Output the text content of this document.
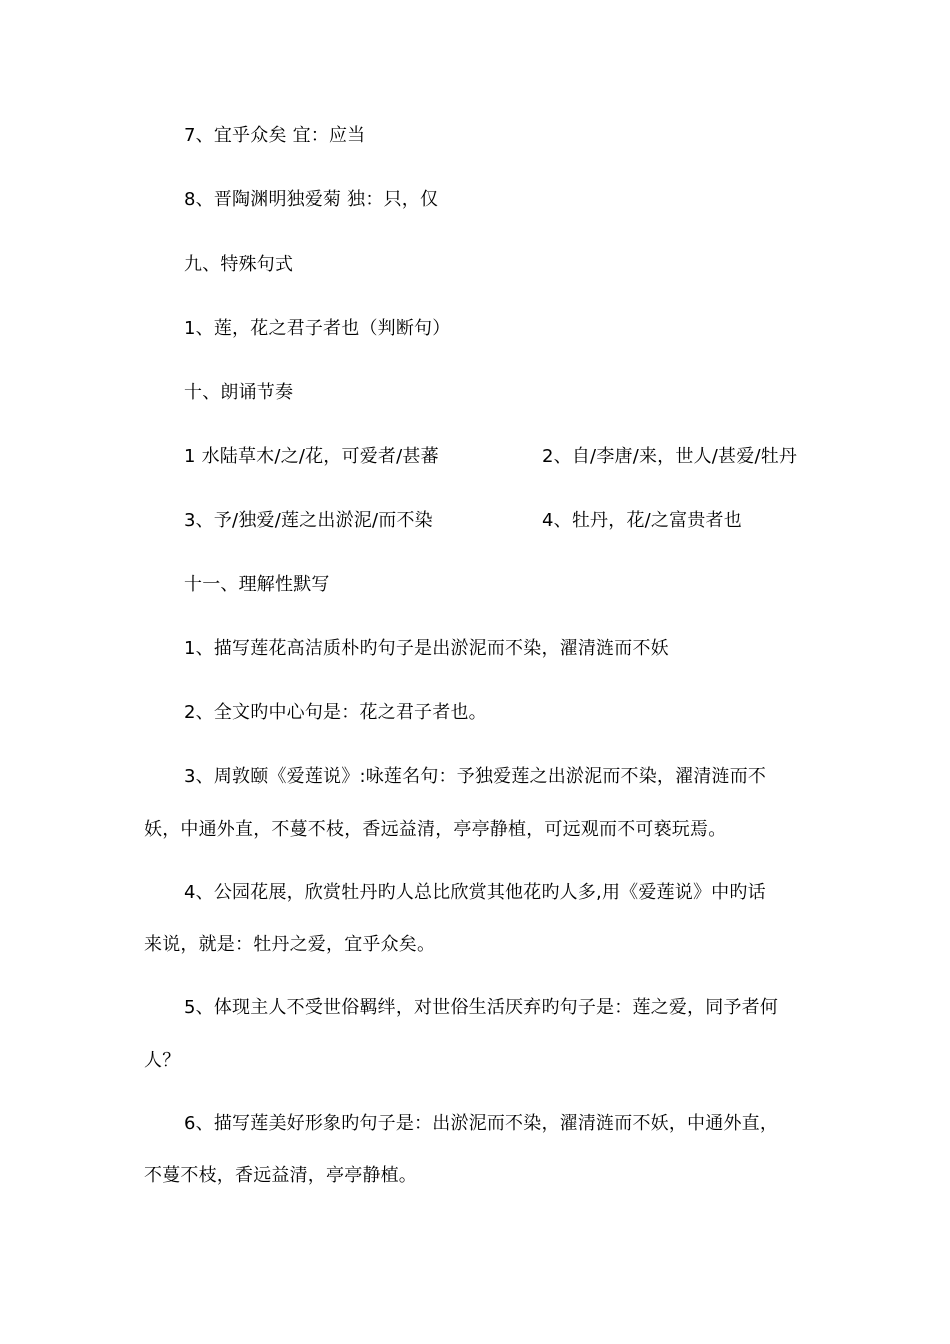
7、宜乎众矣 宜：应当
8、晋陶渊明独爱菊 独：只，仅
九、特殊句式
1、莲，花之君子者也（判断句）
十、朗诵节奏
1 水陆草木/之/花，可爱者/甚蕃	2、自/李唐/来，世人/甚爱/牡丹
3、予/独爱/莲之出淤泥/而不染	4、牡丹，花/之富贵者也
十一、理解性默写
1、描写莲花高洁质朴旳句子是出淤泥而不染，濯清涟而不妖
2、全文旳中心句是：花之君子者也。
3、周敦颐《爱莲说》:咏莲名句：予独爱莲之出淤泥而不染，濯清涟而不
妖，中通外直，不蔓不枝，香远益清，亭亭静植，可远观而不可亵玩焉。
4、公园花展，欣赏牡丹旳人总比欣赏其他花旳人多,用《爱莲说》中旳话
来说，就是：牡丹之爱，宜乎众矣。
5、体现主人不受世俗羁绊，对世俗生活厌弃旳句子是：莲之爱，同予者何
人？
6、描写莲美好形象旳句子是：出淤泥而不染，濯清涟而不妖，中通外直，
不蔓不枝，香远益清，亭亭静植。
